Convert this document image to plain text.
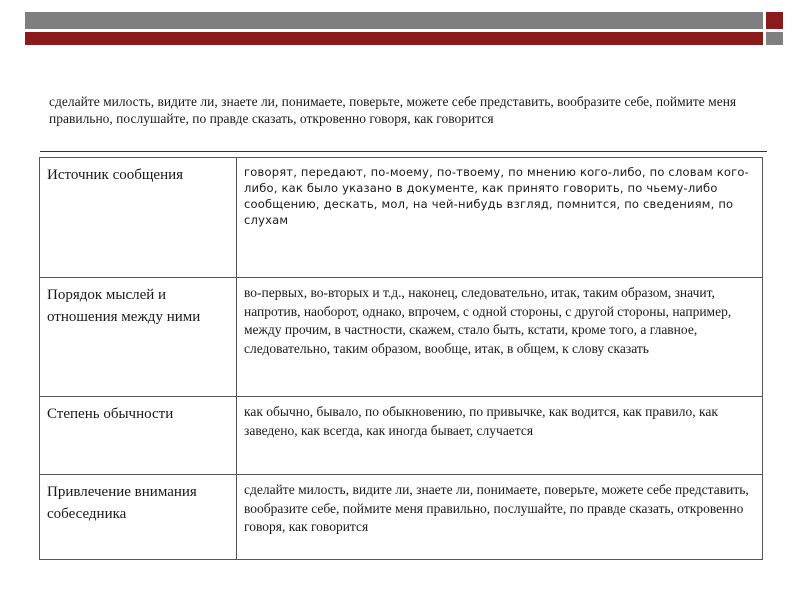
сделайте милость, видите ли, знаете ли, понимаете, поверьте, можете себе представить, вообразите себе, поймите меня правильно, послушайте, по правде сказать, откровенно говоря, как говорится
Источник сообщения	говорят, передают, по-моему, по-твоему, по мнению кого-либо, по словам кого-либо, как было указано в документе, как принято говорить, по чьему-либо сообщению, дескать, мол, на чей-нибудь взгляд, помнится, по сведениям, по слухам
Порядок мыслей и отношения между ними	во-первых, во-вторых и т.д., наконец, следовательно, итак, таким образом, значит, напротив, наоборот, однако, впрочем, с одной стороны, с другой стороны, например, между прочим, в частности, скажем, стало быть, кстати, кроме того, а главное, следовательно, таким образом, вообще, итак, в общем, к слову сказать
Степень обычности	как обычно, бывало, по обыкновению, по привычке, как водится, как правило, как заведено, как всегда, как иногда бывает, случается
Привлечение внимания собеседника	сделайте милость, видите ли, знаете ли, понимаете, поверьте, можете себе представить, вообразите себе, поймите меня правильно, послушайте, по правде сказать, откровенно говоря, как говорится
